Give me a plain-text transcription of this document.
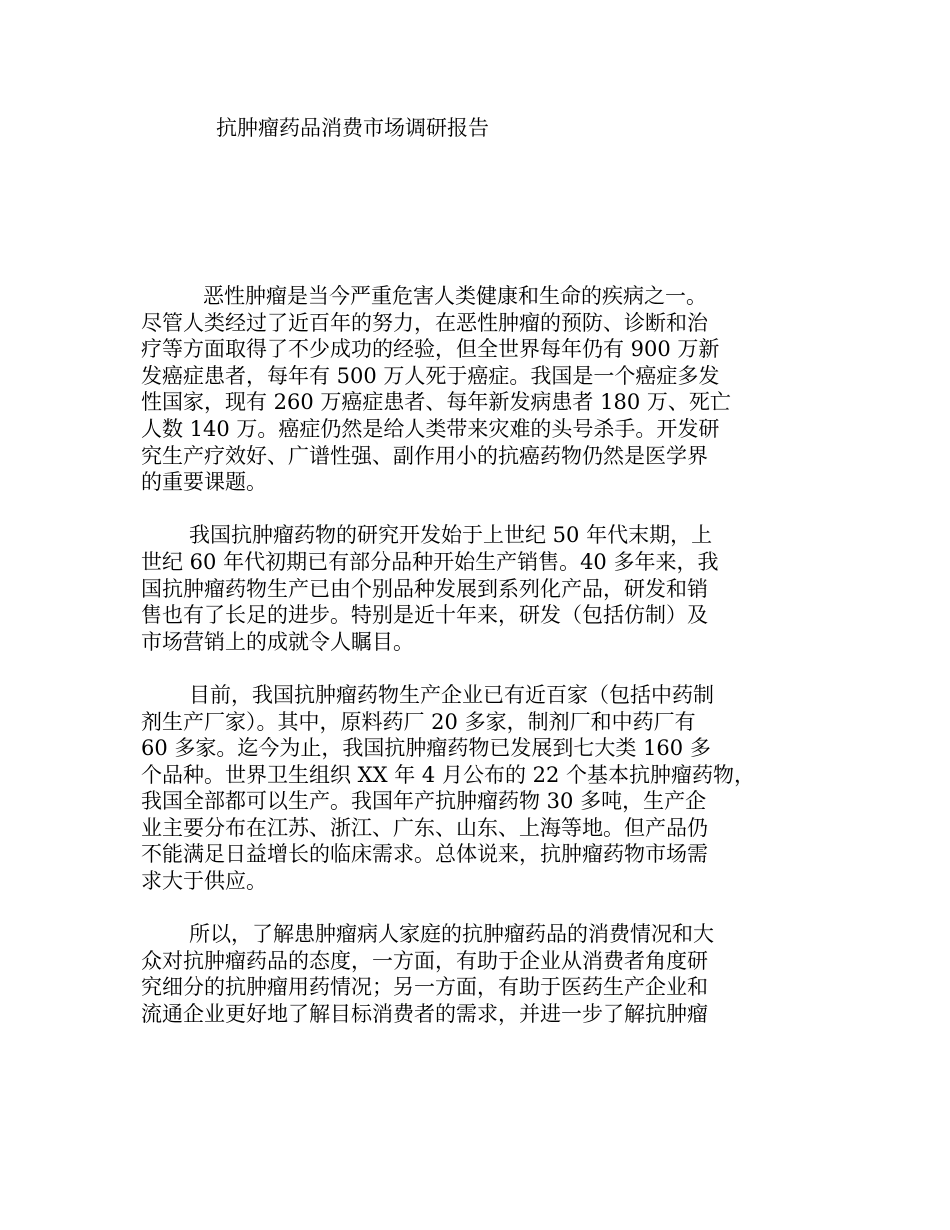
抗肿瘤药品消费市场调研报告

恶性肿瘤是当今严重危害人类健康和生命的疾病之一。
尽管人类经过了近百年的努力，在恶性肿瘤的预防、诊断和治
疗等方面取得了不少成功的经验，但全世界每年仍有 900 万新
发癌症患者，每年有 500 万人死于癌症。我国是一个癌症多发
性国家，现有 260 万癌症患者、每年新发病患者 180 万、死亡
人数 140 万。癌症仍然是给人类带来灾难的头号杀手。开发研
究生产疗效好、广谱性强、副作用小的抗癌药物仍然是医学界
的重要课题。

我国抗肿瘤药物的研究开发始于上世纪 50 年代末期，上
世纪 60 年代初期已有部分品种开始生产销售。40 多年来，我
国抗肿瘤药物生产已由个别品种发展到系列化产品，研发和销
售也有了长足的进步。特别是近十年来，研发（包括仿制）及
市场营销上的成就令人瞩目。

目前，我国抗肿瘤药物生产企业已有近百家（包括中药制
剂生产厂家）。其中，原料药厂 20 多家，制剂厂和中药厂有
60 多家。迄今为止，我国抗肿瘤药物已发展到七大类 160 多
个品种。世界卫生组织 XX 年 4 月公布的 22 个基本抗肿瘤药物，
我国全部都可以生产。我国年产抗肿瘤药物 30 多吨，生产企
业主要分布在江苏、浙江、广东、山东、上海等地。但产品仍
不能满足日益增长的临床需求。总体说来，抗肿瘤药物市场需
求大于供应。

所以，了解患肿瘤病人家庭的抗肿瘤药品的消费情况和大
众对抗肿瘤药品的态度，一方面，有助于企业从消费者角度研
究细分的抗肿瘤用药情况；另一方面，有助于医药生产企业和
流通企业更好地了解目标消费者的需求，并进一步了解抗肿瘤
